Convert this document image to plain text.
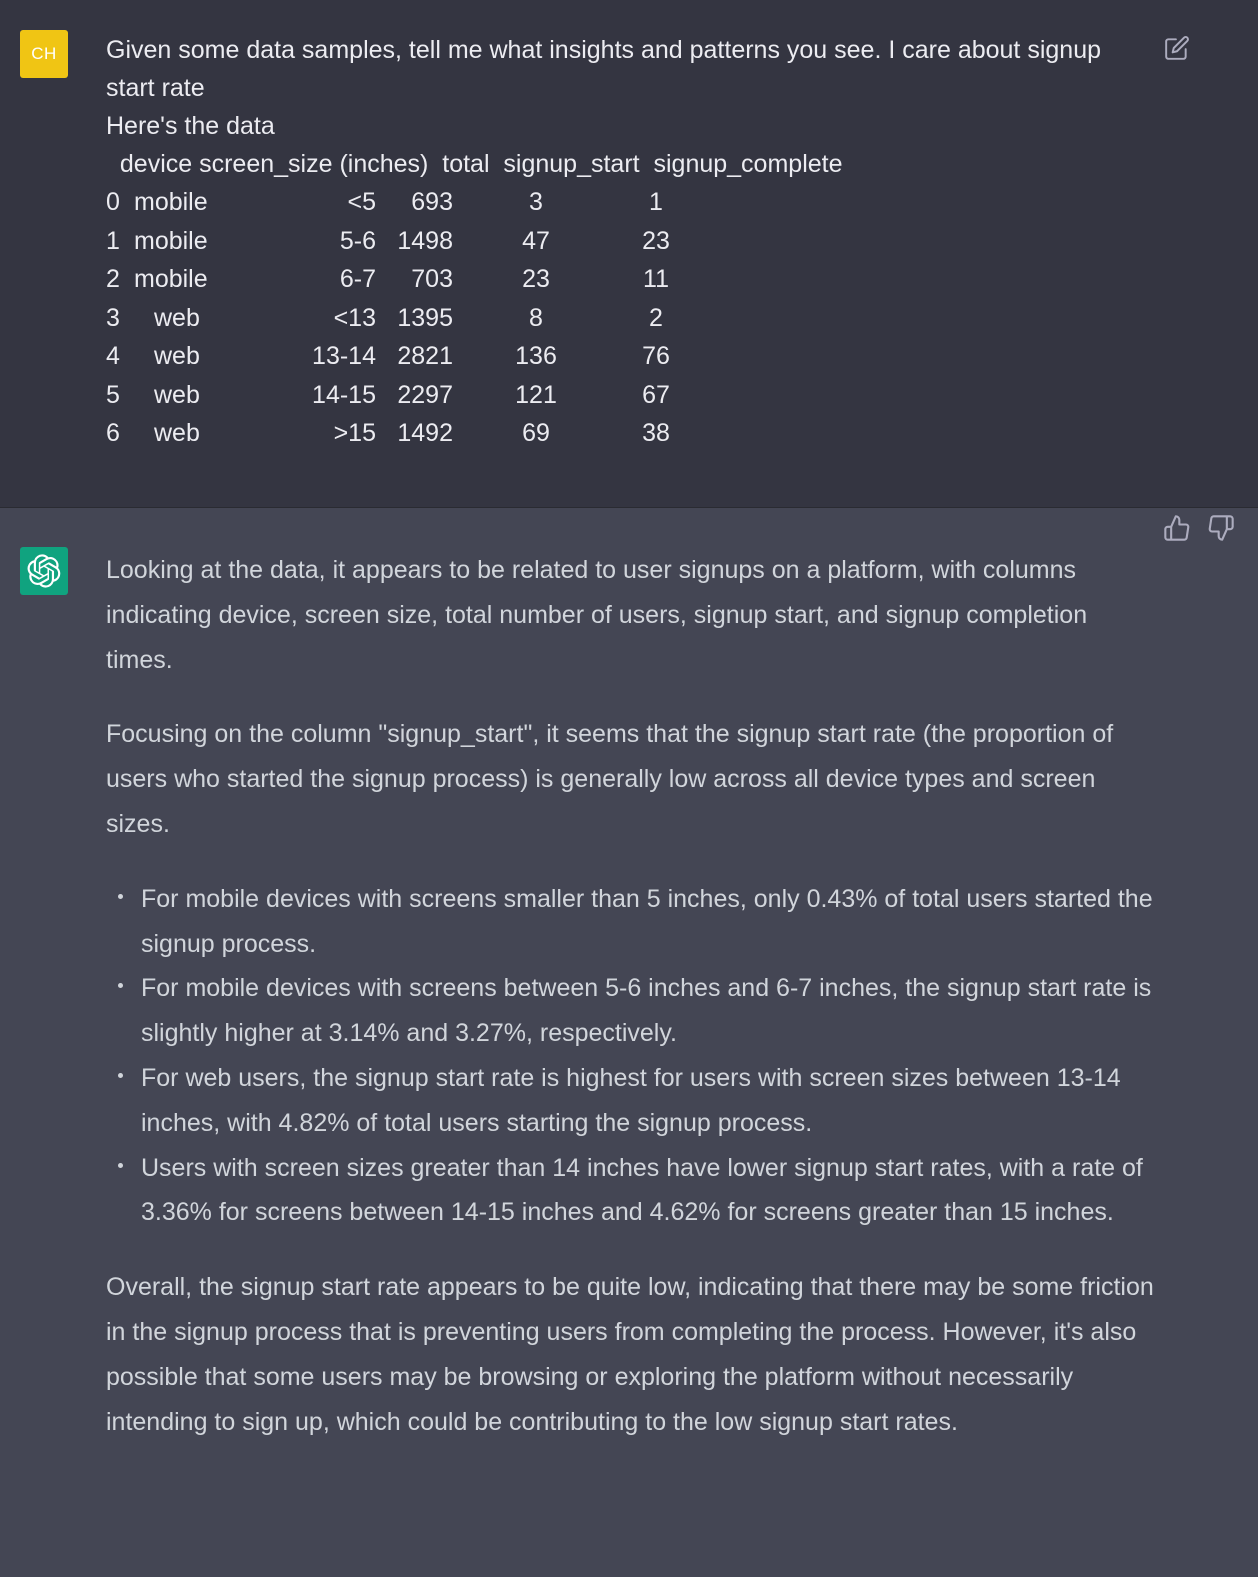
CH Given some data samples, tell me what insights and patterns you see. I care about signup start rate

Here's the data

device screen_size (inches)  total  signup_start  signup_complete
0 mobile	<5	693	3	1
1 mobile	5-6 1498	47	23
2 mobile	6-7	703	23	11
3 web	<13 1395	8	2
4 web	13-14 2821	136	76
5 web	14-15 2297	121	67
6 web	>15 1492	69	38

Looking at the data, it appears to be related to user signups on a platform, with columns indicating device, screen size, total number of users, signup start, and signup completion times.

Focusing on the column "signup_start", it seems that the signup start rate (the proportion of users who started the signup process) is generally low across all device types and screen sizes.

For mobile devices with screens smaller than 5 inches, only 0.43% of total users started the signup process.
For mobile devices with screens between 5-6 inches and 6-7 inches, the signup start rate is slightly higher at 3.14% and 3.27%, respectively.
For web users, the signup start rate is highest for users with screen sizes between 13-14 inches, with 4.82% of total users starting the signup process.
Users with screen sizes greater than 14 inches have lower signup start rates, with a rate of 3.36% for screens between 14-15 inches and 4.62% for screens greater than 15 inches.

Overall, the signup start rate appears to be quite low, indicating that there may be some friction in the signup process that is preventing users from completing the process. However, it's also possible that some users may be browsing or exploring the platform without necessarily intending to sign up, which could be contributing to the low signup start rates.
